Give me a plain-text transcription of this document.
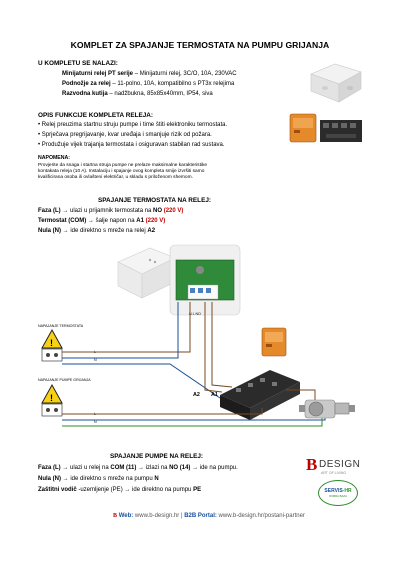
KOMPLET ZA SPAJANJE TERMOSTATA NA PUMPU GRIJANJA
U KOMPLETU SE NALAZI:
Minijaturni relej PT serije – Minijaturni relej, 3C/O, 10A, 230VAC
Podnožje za relej – 11-polno, 10A, kompatibilno s PT3x relejima
Razvodna kutija – nadžbukna, 85x85x40mm, IP54, siva
OPIS FUNKCIJE KOMPLETA RELEJA:
• Relej preuzima startnu struju pumpe i time štiti elektroniku termostata.
• Sprječava pregrijavanje, kvar uređaja i smanjuje rizik od požara.
• Produžuje vijek trajanja termostata i osiguravan stabilan rad sustava.
NAPOMENA:
Provjerite da snaga i startna struja pumpe ne prelaze maksimalne karakteristike
kontakata releja (10 A). Instalaciju i spajanje ovog kompleta smije izvršiti samo
kvalificirana osoba ili ovlašteni električar, u skladu s priloženom shemom.
SPAJANJE TERMOSTATA NA RELEJ:
Faza (L) → ulazi u prijamnik termostata na NO (220 V)
Termostat (COM) → šalje napon na A1 (220 V)
Nula (N) → ide direktno s mreže na relej A2
N L NO
NAPAJANJE TERMOSTATA
NAPAJANJE PUMPE GRIJANJA
!
!
L
N
A2 A1
L
N
SPAJANJE PUMPE NA RELEJ:
Faza (L) → ulazi u relej na COM (11) → izlazi na NO (14) → ide na pumpu.
Nula (N) → ide direktno s mreže na pumpu N
Zaštitni vodič -uzemljenje (PE) → ide direktno na pumpu PE
B DESIGN
ART OF LIVING
SERVIS-HR
DOBRA BAZA
B Web: www.b-design.hr | B2B Portal: www.b-design.hr/postani-partner
